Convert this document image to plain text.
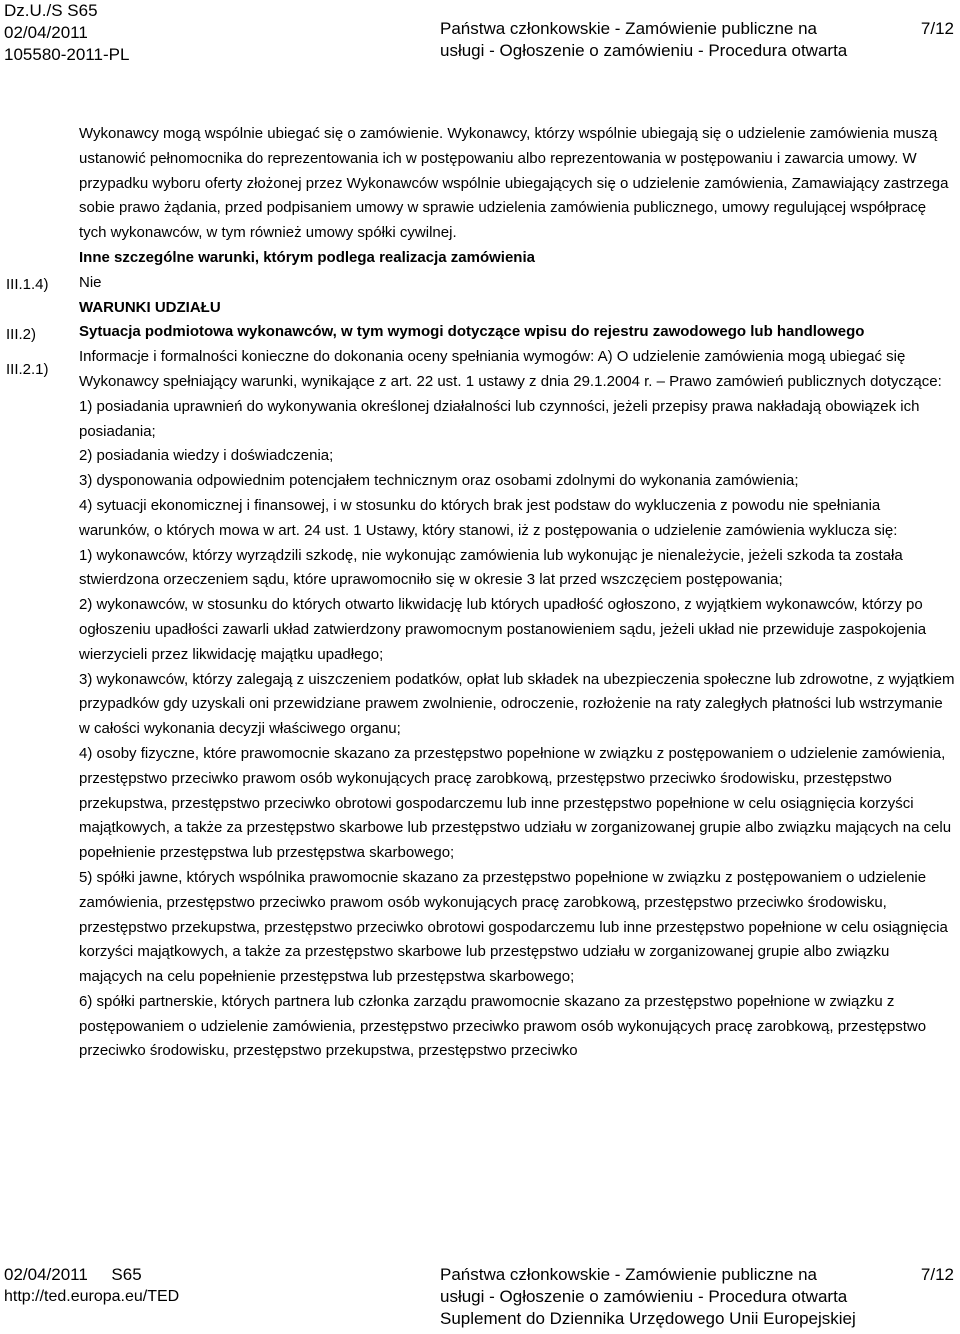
Dz.U./S S65
02/04/2011
105580-2011-PL
Państwa członkowskie - Zamówienie publiczne na
usługi - Ogłoszenie o zamówieniu - Procedura otwarta
7/12
III.1.4)
III.2)
III.2.1)

Wykonawcy mogą wspólnie ubiegać się o zamówienie. Wykonawcy, którzy wspólnie ubiegają się o udzielenie zamówienia muszą ustanowić pełnomocnika do reprezentowania ich w postępowaniu albo reprezentowania w postępowaniu i zawarcia umowy. W przypadku wyboru oferty złożonej przez Wykonawców wspólnie ubiegających się o udzielenie zamówienia, Zamawiający zastrzega sobie prawo żądania, przed podpisaniem umowy w sprawie udzielenia zamówienia publicznego, umowy regulującej współpracę tych wykonawców, w tym również umowy spółki cywilnej.

Inne szczególne warunki, którym podlega realizacja zamówienia

Nie

WARUNKI UDZIAŁU

Sytuacja podmiotowa wykonawców, w tym wymogi dotyczące wpisu do rejestru zawodowego lub handlowego

Informacje i formalności konieczne do dokonania oceny spełniania wymogów: A) O udzielenie zamówienia mogą ubiegać się Wykonawcy spełniający warunki, wynikające z art. 22 ust. 1 ustawy z dnia 29.1.2004 r. – Prawo zamówień publicznych dotyczące:

1) posiadania uprawnień do wykonywania określonej działalności lub czynności, jeżeli przepisy prawa nakładają obowiązek ich posiadania;

2) posiadania wiedzy i doświadczenia;

3) dysponowania odpowiednim potencjałem technicznym oraz osobami zdolnymi do wykonania zamówienia;

4) sytuacji ekonomicznej i finansowej, i w stosunku do których brak jest podstaw do wykluczenia z powodu nie spełniania warunków, o których mowa w art. 24 ust. 1 Ustawy, który stanowi, iż z postępowania o udzielenie zamówienia wyklucza się:

1) wykonawców, którzy wyrządzili szkodę, nie wykonując zamówienia lub wykonując je nienależycie, jeżeli szkoda ta została stwierdzona orzeczeniem sądu, które uprawomocniło się w okresie 3 lat przed wszczęciem postępowania;

2) wykonawców, w stosunku do których otwarto likwidację lub których upadłość ogłoszono, z wyjątkiem wykonawców, którzy po ogłoszeniu upadłości zawarli układ zatwierdzony prawomocnym postanowieniem sądu, jeżeli układ nie przewiduje zaspokojenia wierzycieli przez likwidację majątku upadłego;

3) wykonawców, którzy zalegają z uiszczeniem podatków, opłat lub składek na ubezpieczenia społeczne lub zdrowotne, z wyjątkiem przypadków gdy uzyskali oni przewidziane prawem zwolnienie, odroczenie, rozłożenie na raty zaległych płatności lub wstrzymanie w całości wykonania decyzji właściwego organu;

4) osoby fizyczne, które prawomocnie skazano za przestępstwo popełnione w związku z postępowaniem o udzielenie zamówienia, przestępstwo przeciwko prawom osób wykonujących pracę zarobkową, przestępstwo przeciwko środowisku, przestępstwo przekupstwa, przestępstwo przeciwko obrotowi gospodarczemu lub inne przestępstwo popełnione w celu osiągnięcia korzyści majątkowych, a także za przestępstwo skarbowe lub przestępstwo udziału w zorganizowanej grupie albo związku mających na celu popełnienie przestępstwa lub przestępstwa skarbowego;

5) spółki jawne, których wspólnika prawomocnie skazano za przestępstwo popełnione w związku z postępowaniem o udzielenie zamówienia, przestępstwo przeciwko prawom osób wykonujących pracę zarobkową, przestępstwo przeciwko środowisku, przestępstwo przekupstwa, przestępstwo przeciwko obrotowi gospodarczemu lub inne przestępstwo popełnione w celu osiągnięcia korzyści majątkowych, a także za przestępstwo skarbowe lub przestępstwo udziału w zorganizowanej grupie albo związku mających na celu popełnienie przestępstwa lub przestępstwa skarbowego;

6) spółki partnerskie, których partnera lub członka zarządu prawomocnie skazano za przestępstwo popełnione w związku z postępowaniem o udzielenie zamówienia, przestępstwo przeciwko prawom osób wykonujących pracę zarobkową, przestępstwo przeciwko środowisku, przestępstwo przekupstwa, przestępstwo przeciwko

02/04/2011     S65
http://ted.europa.eu/TED
Państwa członkowskie - Zamówienie publiczne na
usługi - Ogłoszenie o zamówieniu - Procedura otwarta
Suplement do Dziennika Urzędowego Unii Europejskiej
7/12
